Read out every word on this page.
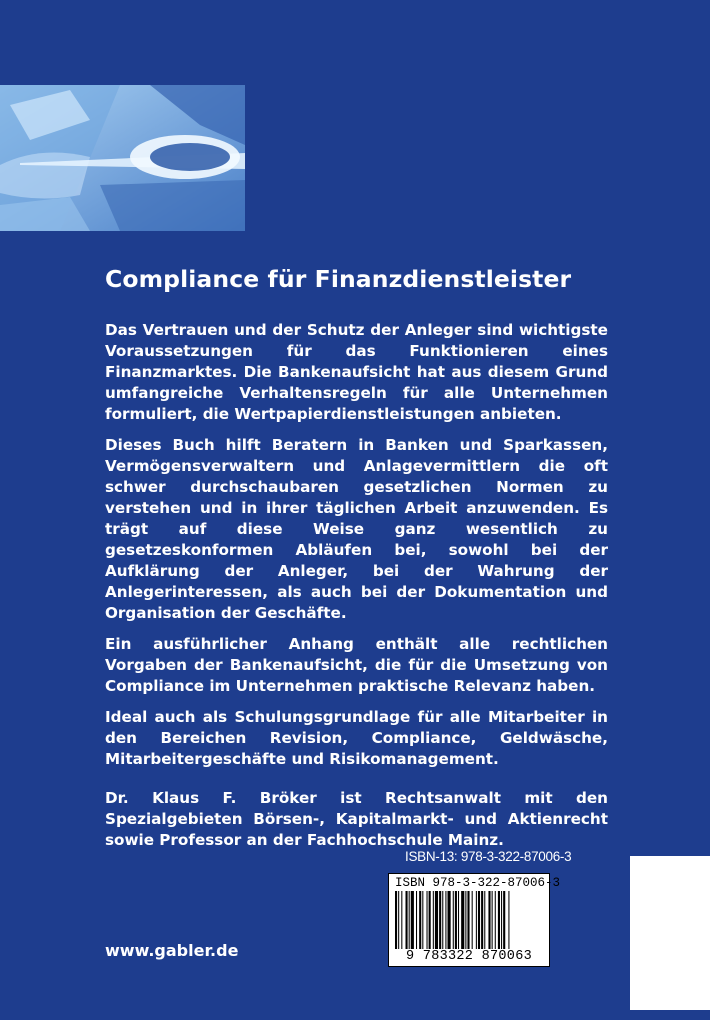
Compliance für Finanzdienstleister

Das Vertrauen und der Schutz der Anleger sind wichtigste Voraussetzungen für das Funktionieren eines Finanzmarktes. Die Bankenaufsicht hat aus diesem Grund umfangreiche Verhaltensregeln für alle Unternehmen formuliert, die Wertpapierdienstleistungen anbieten.

Dieses Buch hilft Beratern in Banken und Sparkassen, Vermögensverwaltern und Anlagevermittlern die oft schwer durchschaubaren gesetzlichen Normen zu verstehen und in ihrer täglichen Arbeit anzuwenden. Es trägt auf diese Weise ganz wesentlich zu gesetzeskonformen Abläufen bei, sowohl bei der Aufklärung der Anleger, bei der Wahrung der Anlegerinteressen, als auch bei der Dokumentation und Organisation der Geschäfte.

Ein ausführlicher Anhang enthält alle rechtlichen Vorgaben der Bankenaufsicht, die für die Umsetzung von Compliance im Unternehmen praktische Relevanz haben.

Ideal auch als Schulungsgrundlage für alle Mitarbeiter in den Bereichen Revision, Compliance, Geldwäsche, Mitarbeitergeschäfte und Risikomanagement.

Dr. Klaus F. Bröker ist Rechtsanwalt mit den Spezialgebieten Börsen-, Kapitalmarkt- und Aktienrecht sowie Professor an der Fachhochschule Mainz.

ISBN-13: 978-3-322-87006-3
ISBN 978-3-322-87006-3
9 783322 870063
www.gabler.de
